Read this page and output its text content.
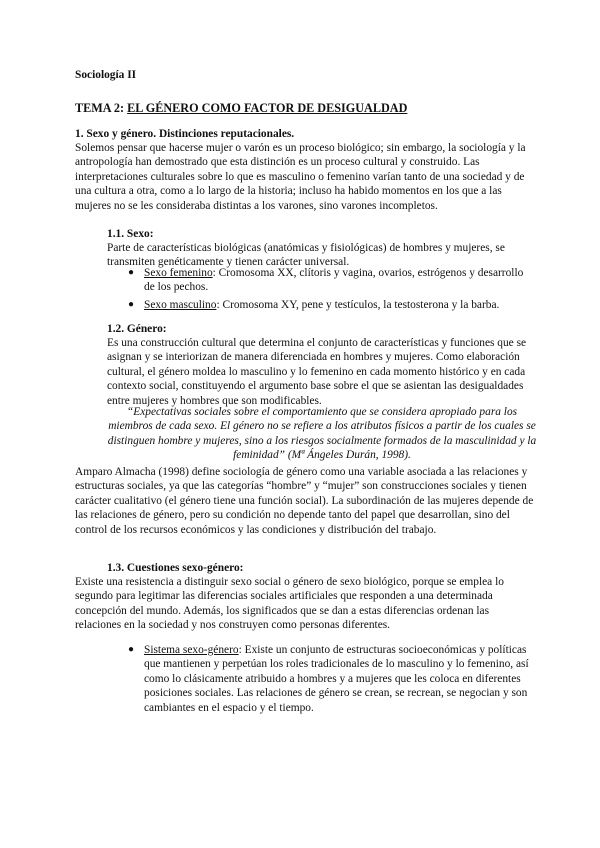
Sociología II

TEMA 2: EL GÉNERO COMO FACTOR DE DESIGUALDAD

1. Sexo y género. Distinciones reputacionales.

Solemos pensar que hacerse mujer o varón es un proceso biológico; sin embargo, la sociología y la antropología han demostrado que esta distinción es un proceso cultural y construido. Las interpretaciones culturales sobre lo que es masculino o femenino varían tanto de una sociedad y de una cultura a otra, como a lo largo de la historia; incluso ha habido momentos en los que a las mujeres no se les consideraba distintas a los varones, sino varones incompletos.

1.1. Sexo:

Parte de características biológicas (anatómicas y fisiológicas) de hombres y mujeres, se transmiten genéticamente y tienen carácter universal.

● Sexo femenino: Cromosoma XX, clítoris y vagina, ovarios, estrógenos y desarrollo de los pechos.
● Sexo masculino: Cromosoma XY, pene y testículos, la testosterona y la barba.

1.2. Género:

Es una construcción cultural que determina el conjunto de características y funciones que se asignan y se interiorizan de manera diferenciada en hombres y mujeres. Como elaboración cultural, el género moldea lo masculino y lo femenino en cada momento histórico y en cada contexto social, constituyendo el argumento base sobre el que se asientan las desigualdades entre mujeres y hombres que son modificables.

“Expectativas sociales sobre el comportamiento que se considera apropiado para los miembros de cada sexo. El género no se refiere a los atributos físicos a partir de los cuales se distinguen hombre y mujeres, sino a los riesgos socialmente formados de la masculinidad y la feminidad” (Mª Ángeles Durán, 1998).

Amparo Almacha (1998) define sociología de género como una variable asociada a las relaciones y estructuras sociales, ya que las categorías “hombre” y “mujer” son construcciones sociales y tienen carácter cualitativo (el género tiene una función social). La subordinación de las mujeres depende de las relaciones de género, pero su condición no depende tanto del papel que desarrollan, sino del control de los recursos económicos y las condiciones y distribución del trabajo.

1.3. Cuestiones sexo-género:

Existe una resistencia a distinguir sexo social o género de sexo biológico, porque se emplea lo segundo para legitimar las diferencias sociales artificiales que responden a una determinada concepción del mundo. Además, los significados que se dan a estas diferencias ordenan las relaciones en la sociedad y nos construyen como personas diferentes.

● Sistema sexo-género: Existe un conjunto de estructuras socioeconómicas y políticas que mantienen y perpetúan los roles tradicionales de lo masculino y lo femenino, así como lo clásicamente atribuido a hombres y a mujeres que les coloca en diferentes posiciones sociales. Las relaciones de género se crean, se recrean, se negocian y son cambiantes en el espacio y el tiempo.
